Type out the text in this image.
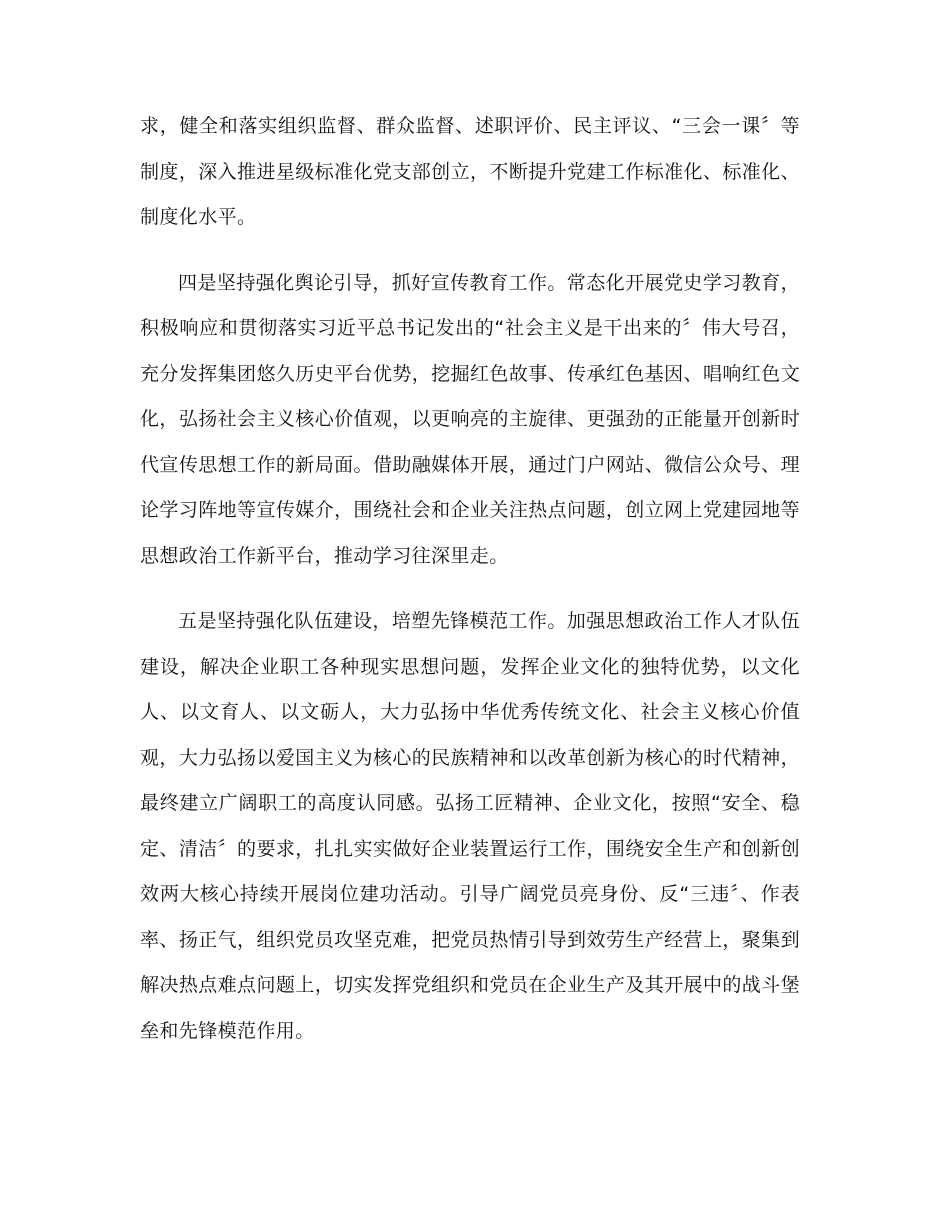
求，健全和落实组织监督、群众监督、述职评价、民主评议、“三会一课〞等制度，深入推进星级标准化党支部创立，不断提升党建工作标准化、标准化、制度化水平。

四是坚持强化舆论引导，抓好宣传教育工作。常态化开展党史学习教育，积极响应和贯彻落实习近平总书记发出的“社会主义是干出来的〞伟大号召，充分发挥集团悠久历史平台优势，挖掘红色故事、传承红色基因、唱响红色文化，弘扬社会主义核心价值观，以更响亮的主旋律、更强劲的正能量开创新时代宣传思想工作的新局面。借助融媒体开展，通过门户网站、微信公众号、理论学习阵地等宣传媒介，围绕社会和企业关注热点问题，创立网上党建园地等思想政治工作新平台，推动学习往深里走。

五是坚持强化队伍建设，培塑先锋模范工作。加强思想政治工作人才队伍建设，解决企业职工各种现实思想问题，发挥企业文化的独特优势，以文化人、以文育人、以文砺人，大力弘扬中华优秀传统文化、社会主义核心价值观，大力弘扬以爱国主义为核心的民族精神和以改革创新为核心的时代精神，最终建立广阔职工的高度认同感。弘扬工匠精神、企业文化，按照“安全、稳定、清洁〞的要求，扎扎实实做好企业装置运行工作，围绕安全生产和创新创效两大核心持续开展岗位建功活动。引导广阔党员亮身份、反“三违〞、作表率、扬正气，组织党员攻坚克难，把党员热情引导到效劳生产经营上，聚集到解决热点难点问题上，切实发挥党组织和党员在企业生产及其开展中的战斗堡垒和先锋模范作用。
